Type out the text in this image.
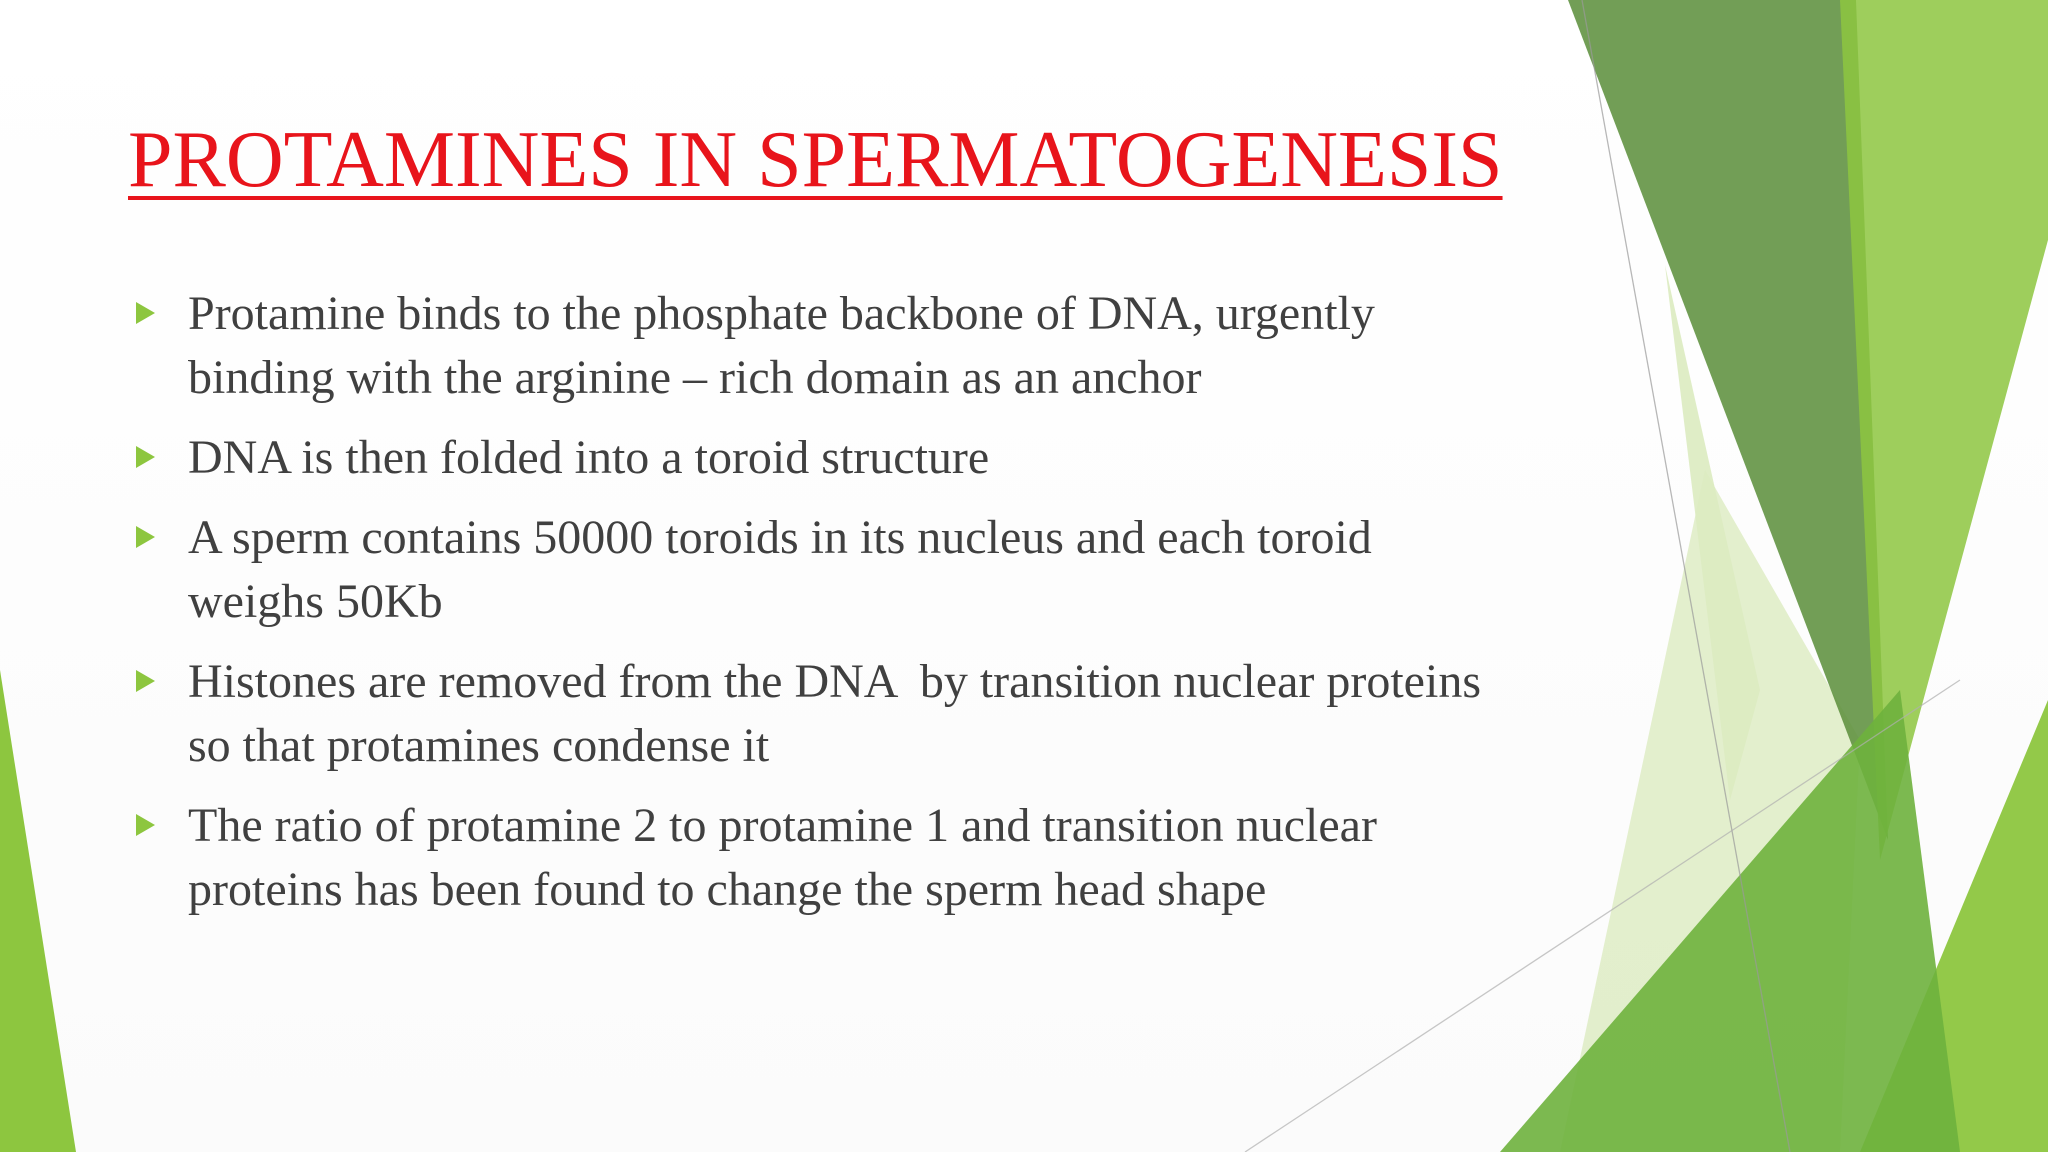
PROTAMINES IN SPERMATOGENESIS
Protamine binds to the phosphate backbone of DNA, urgently binding with the arginine – rich domain as an anchor
DNA is then folded into a toroid structure
A sperm contains 50000 toroids in its nucleus and each toroid weighs 50Kb
Histones are removed from the DNA  by transition nuclear proteins so that protamines condense it
The ratio of protamine 2 to protamine 1 and transition nuclear proteins has been found to change the sperm head shape
